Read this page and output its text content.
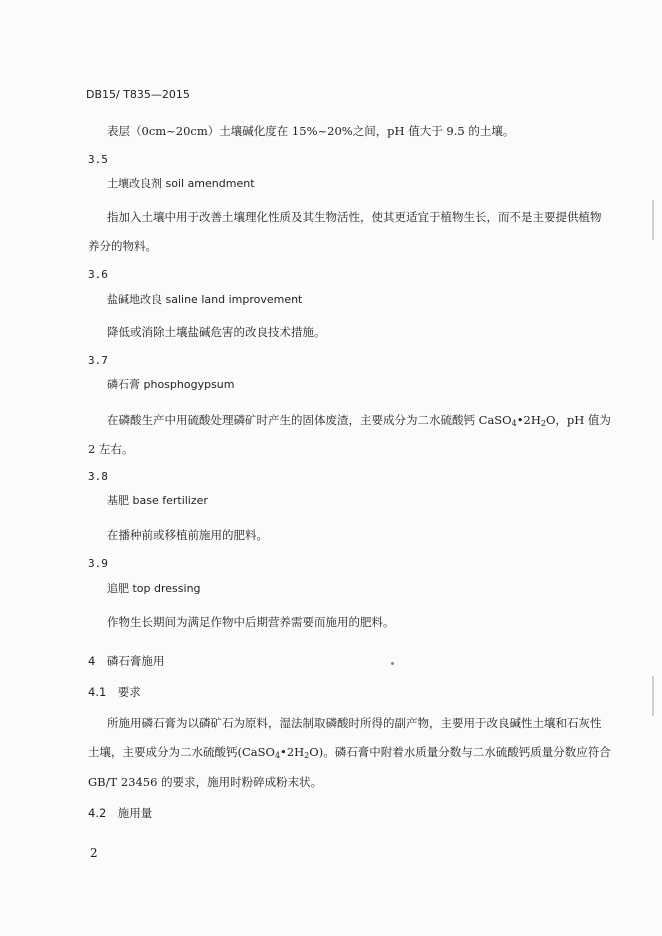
DB15/ T835—2015
表层（0cm~20cm）土壤碱化度在 15%~20%之间，pH 值大于 9.5 的土壤。
3.5
土壤改良剂 soil amendment
指加入土壤中用于改善土壤理化性质及其生物活性，使其更适宜于植物生长，而不是主要提供植物
养分的物料。
3.6
盐碱地改良 saline land improvement
降低或消除土壤盐碱危害的改良技术措施。
3.7
磷石膏 phosphogypsum
在磷酸生产中用硫酸处理磷矿时产生的固体废渣，主要成分为二水硫酸钙 $CaSO_4•2H_2O$，pH 值为
2 左右。
3.8
基肥 base fertilizer
在播种前或移植前施用的肥料。
3.9
追肥 top dressing
作物生长期间为满足作物中后期营养需要而施用的肥料。
4　磷石膏施用
4.1　要求
所施用磷石膏为以磷矿石为原料，湿法制取磷酸时所得的副产物，主要用于改良碱性土壤和石灰性
土壤，主要成分为二水硫酸钙$(CaSO_4•2H_2O)$。磷石膏中附着水质量分数与二水硫酸钙质量分数应符合
GB/T 23456 的要求，施用时粉碎成粉末状。
4.2　施用量
2
